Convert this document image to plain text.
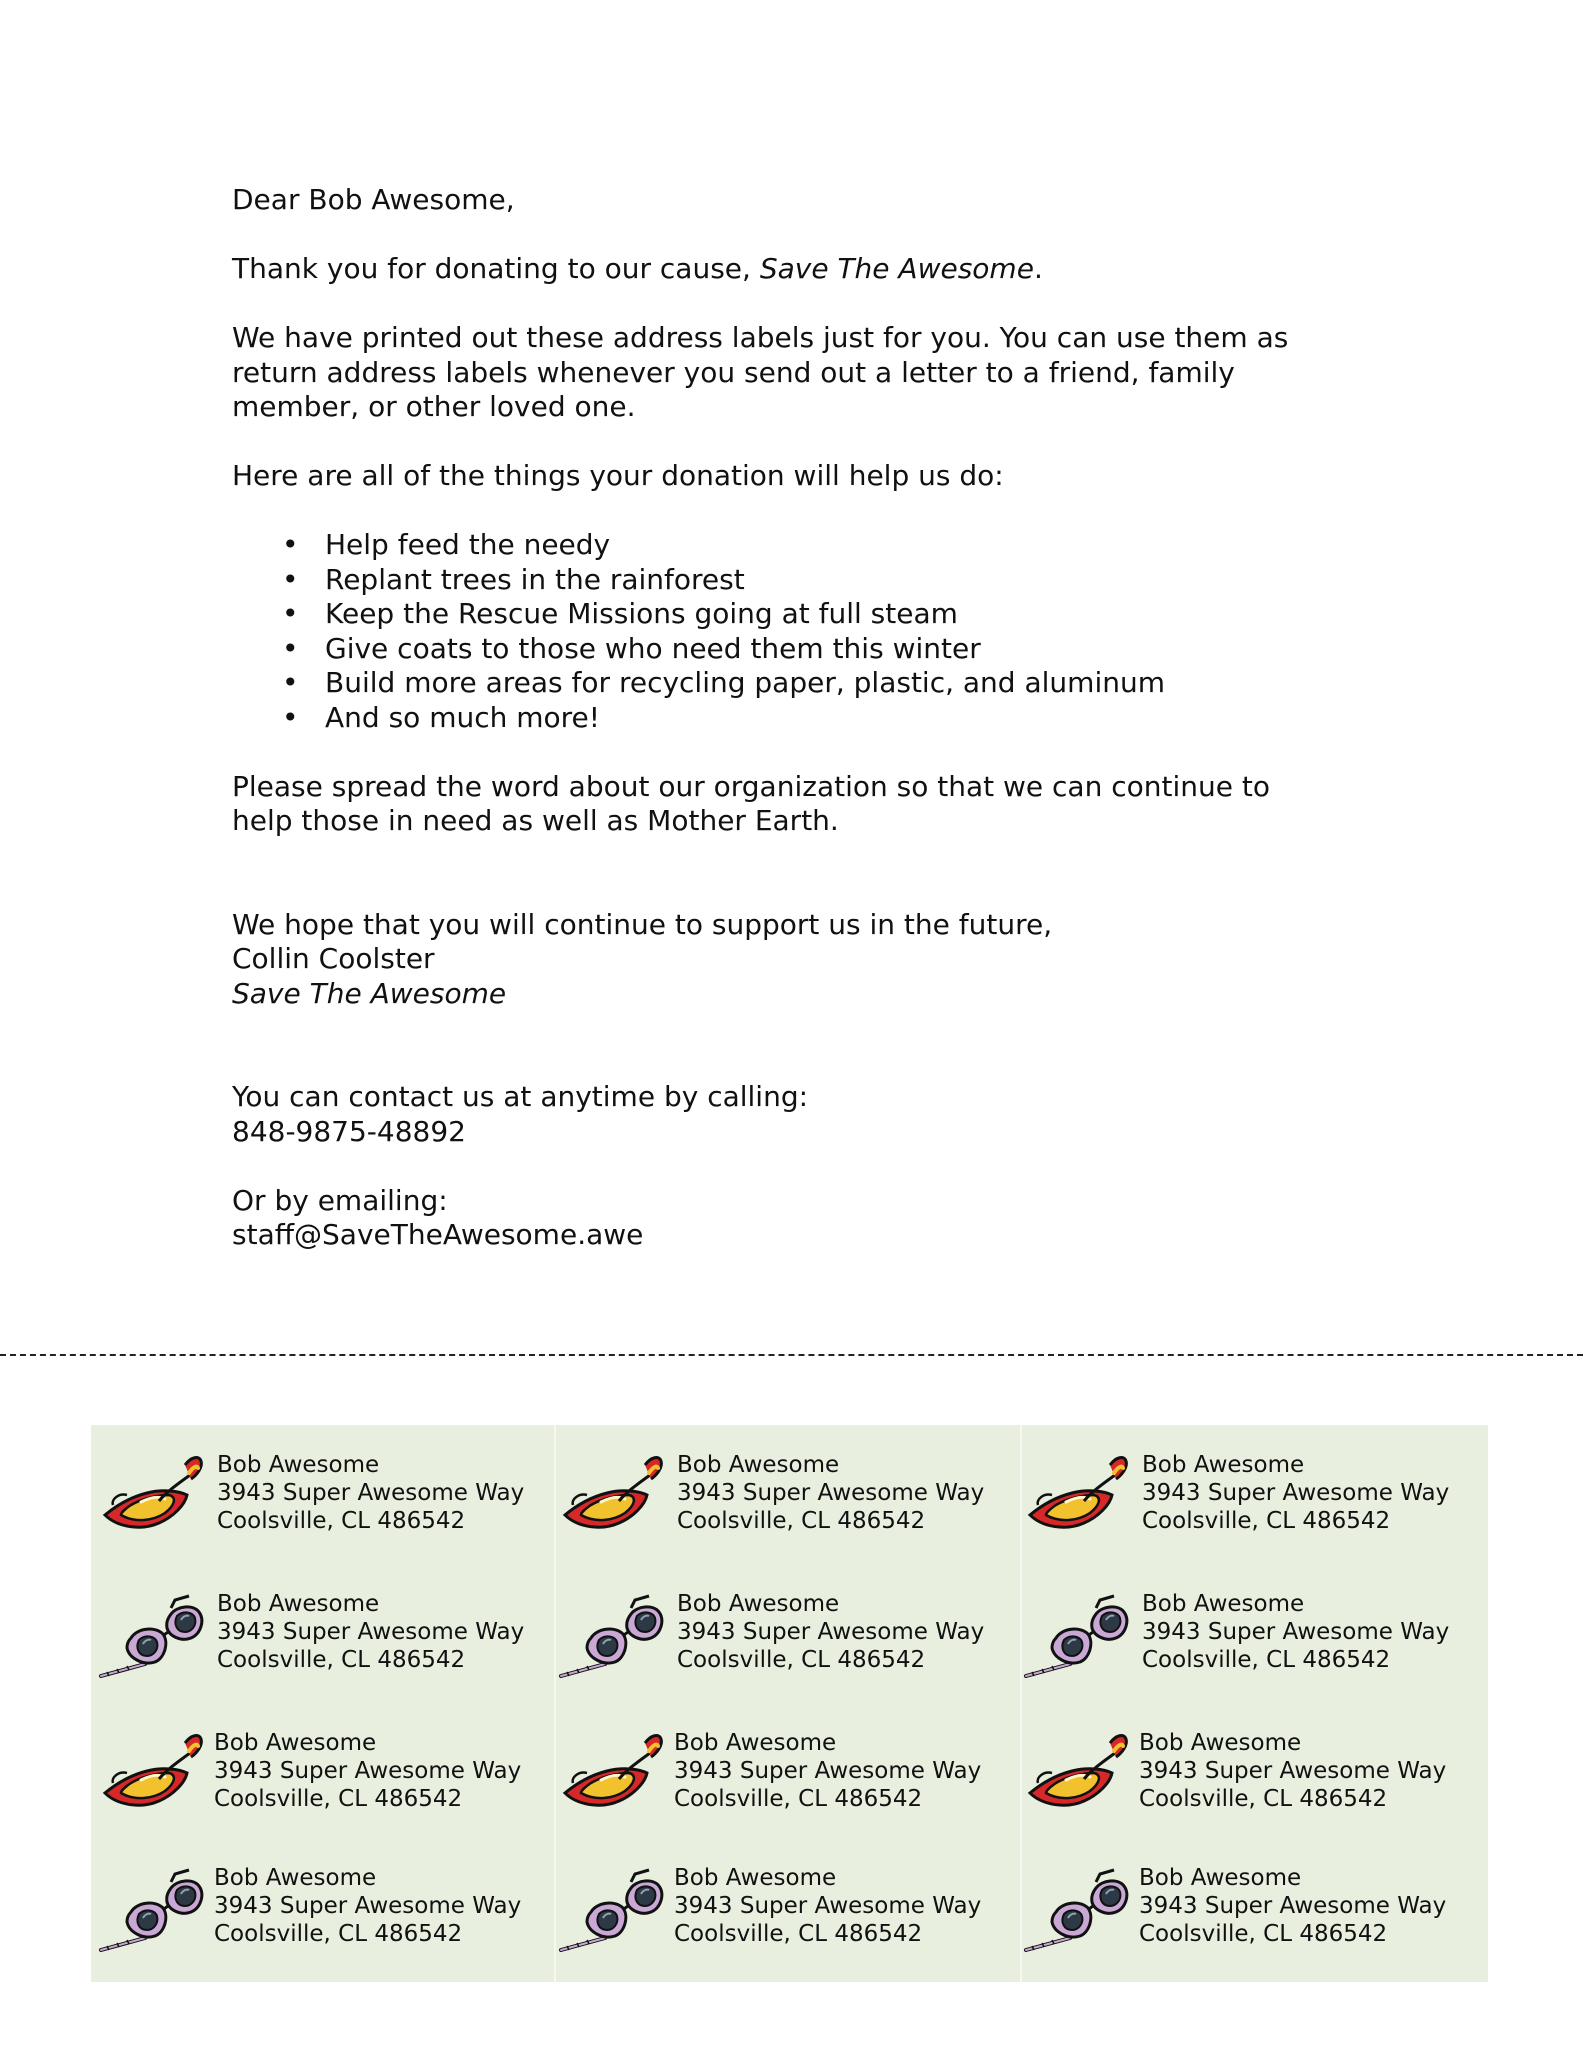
Dear Bob Awesome,

Thank you for donating to our cause, Save The Awesome.

We have printed out these address labels just for you. You can use them as

return address labels whenever you send out a letter to a friend, family

member, or other loved one.

Here are all of the things your donation will help us do:

• Help feed the needy
• Replant trees in the rainforest
• Keep the Rescue Missions going at full steam
• Give coats to those who need them this winter
• Build more areas for recycling paper, plastic, and aluminum
• And so much more!

Please spread the word about our organization so that we can continue to

help those in need as well as Mother Earth.

We hope that you will continue to support us in the future,

Collin Coolster

Save The Awesome

You can contact us at anytime by calling:

848-9875-48892

Or by emailing:

staff@SaveTheAwesome.awe

Bob Awesome
3943 Super Awesome Way
Coolsville, CL 486542
Bob Awesome
3943 Super Awesome Way
Coolsville, CL 486542
Bob Awesome
3943 Super Awesome Way
Coolsville, CL 486542
Bob Awesome
3943 Super Awesome Way
Coolsville, CL 486542
Bob Awesome
3943 Super Awesome Way
Coolsville, CL 486542
Bob Awesome
3943 Super Awesome Way
Coolsville, CL 486542
Bob Awesome
3943 Super Awesome Way
Coolsville, CL 486542
Bob Awesome
3943 Super Awesome Way
Coolsville, CL 486542
Bob Awesome
3943 Super Awesome Way
Coolsville, CL 486542
Bob Awesome
3943 Super Awesome Way
Coolsville, CL 486542
Bob Awesome
3943 Super Awesome Way
Coolsville, CL 486542
Bob Awesome
3943 Super Awesome Way
Coolsville, CL 486542
